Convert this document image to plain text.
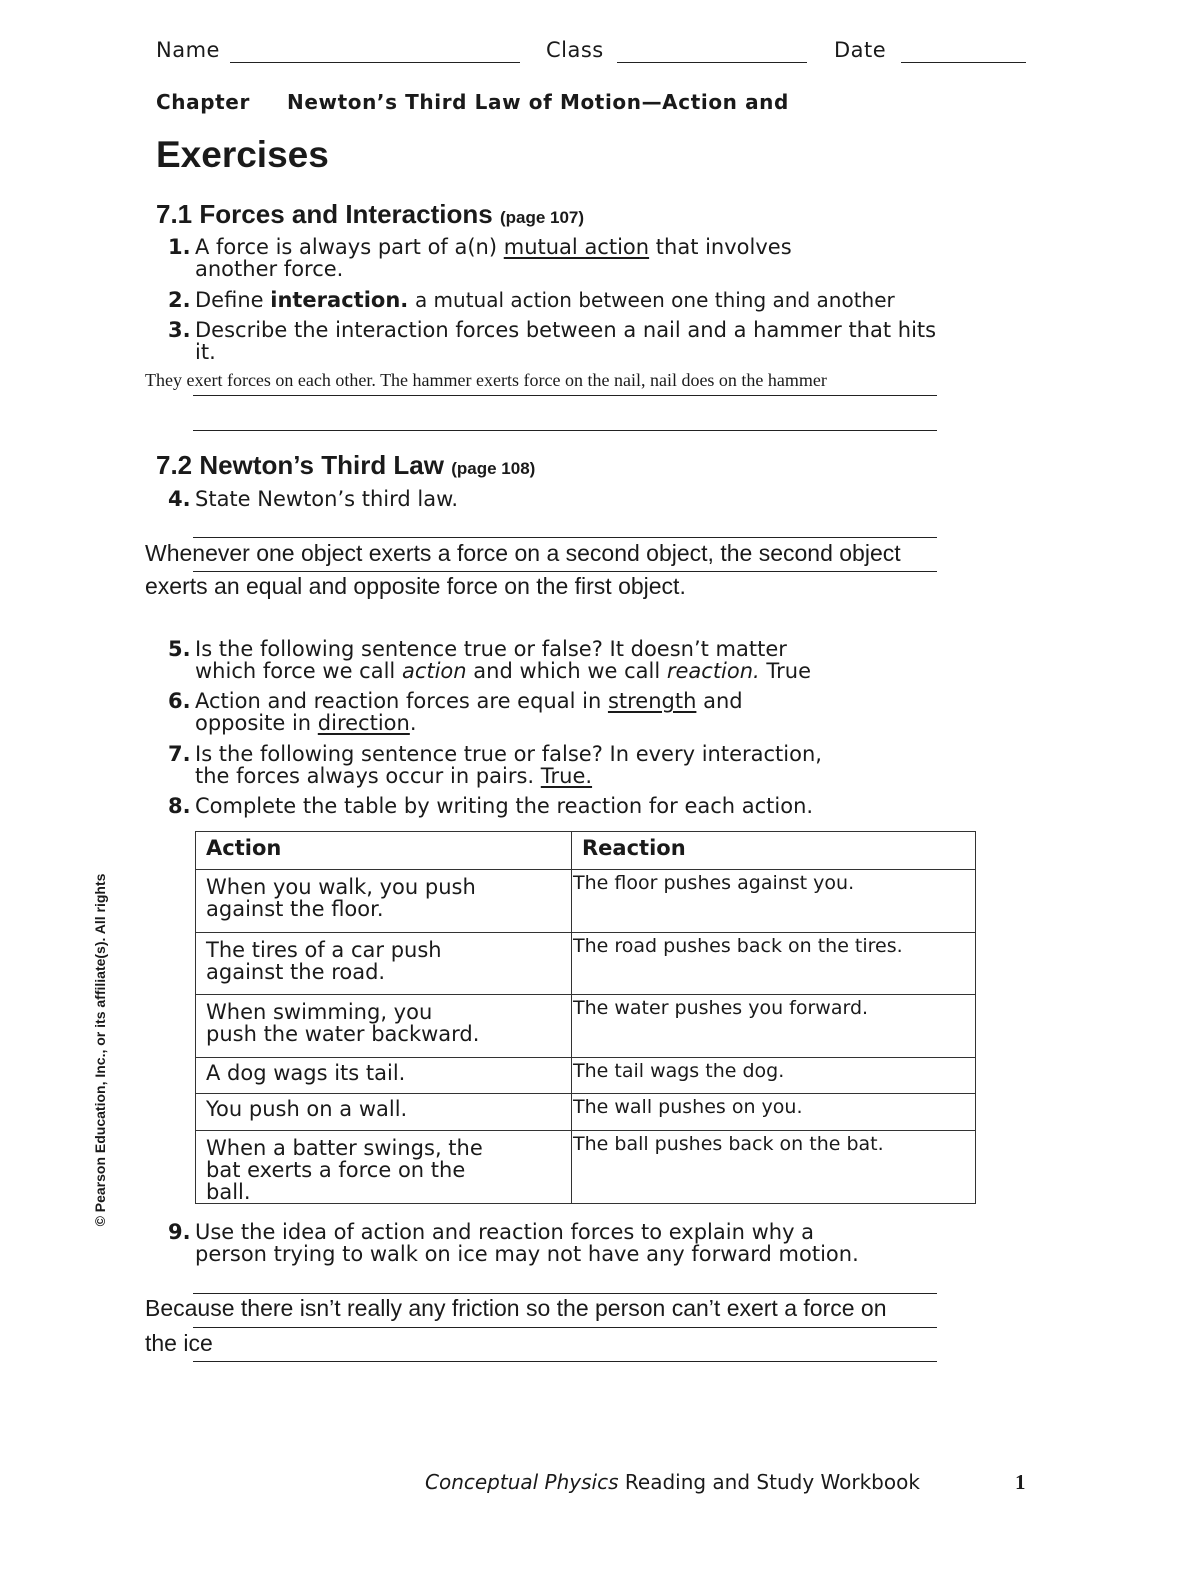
Name	Class	Date
Chapter Newton’s Third Law of Motion—Action and
Exercises
7.1 Forces and Interactions (page 107)
1. A force is always part of a(n) mutual action that involves
another force.
2. Define interaction. a mutual action between one thing and another
3. Describe the interaction forces between a nail and a hammer that hits
it.
They exert forces on each other. The hammer exerts force on the nail, nail does on the hammer
7.2 Newton’s Third Law (page 108)
4. State Newton’s third law.
Whenever one object exerts a force on a second object, the second object
exerts an equal and opposite force on the first object.
5. Is the following sentence true or false? It doesn’t matter
which force we call action and which we call reaction. True
6. Action and reaction forces are equal in strength and
opposite in direction.
7. Is the following sentence true or false? In every interaction,
the forces always occur in pairs. True.
8. Complete the table by writing the reaction for each action.
Action	Reaction
When you walk, you push
against the floor.	The floor pushes against you.
The tires of a car push
against the road.	The road pushes back on the tires.
When swimming, you
push the water backward.	The water pushes you forward.
A dog wags its tail.	The tail wags the dog.
You push on a wall.	The wall pushes on you.
When a batter swings, the
bat exerts a force on the
ball.	The ball pushes back on the bat.
9. Use the idea of action and reaction forces to explain why a
person trying to walk on ice may not have any forward motion.
Because there isn’t really any friction so the person can’t exert a force on
the ice
© Pearson Education, Inc., or its affiliate(s). All rights
Conceptual Physics Reading and Study Workbook	1
